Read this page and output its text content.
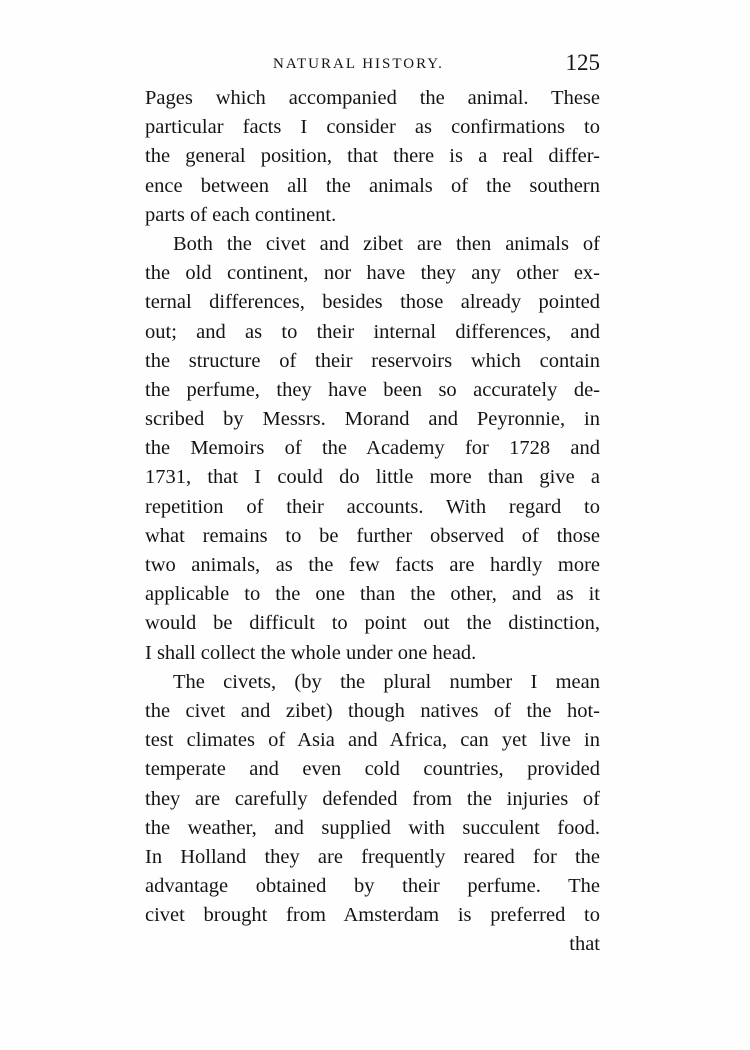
NATURAL HISTORY.	125
Pages which accompanied the animal. These
particular facts I consider as confirmations to
the general position, that there is a real differ-
ence between all the animals of the southern
parts of each continent.
Both the civet and zibet are then animals of
the old continent, nor have they any other ex-
ternal differences, besides those already pointed
out; and as to their internal differences, and
the structure of their reservoirs which contain
the perfume, they have been so accurately de-
scribed by Messrs. Morand and Peyronnie, in
the Memoirs of the Academy for 1728 and
1731, that I could do little more than give a
repetition of their accounts. With regard to
what remains to be further observed of those
two animals, as the few facts are hardly more
applicable to the one than the other, and as it
would be difficult to point out the distinction,
I shall collect the whole under one head.
The civets, (by the plural number I mean
the civet and zibet) though natives of the hot-
test climates of Asia and Africa, can yet live in
temperate and even cold countries, provided
they are carefully defended from the injuries of
the weather, and supplied with succulent food.
In Holland they are frequently reared for the
advantage obtained by their perfume. The
civet brought from Amsterdam is preferred to
that
